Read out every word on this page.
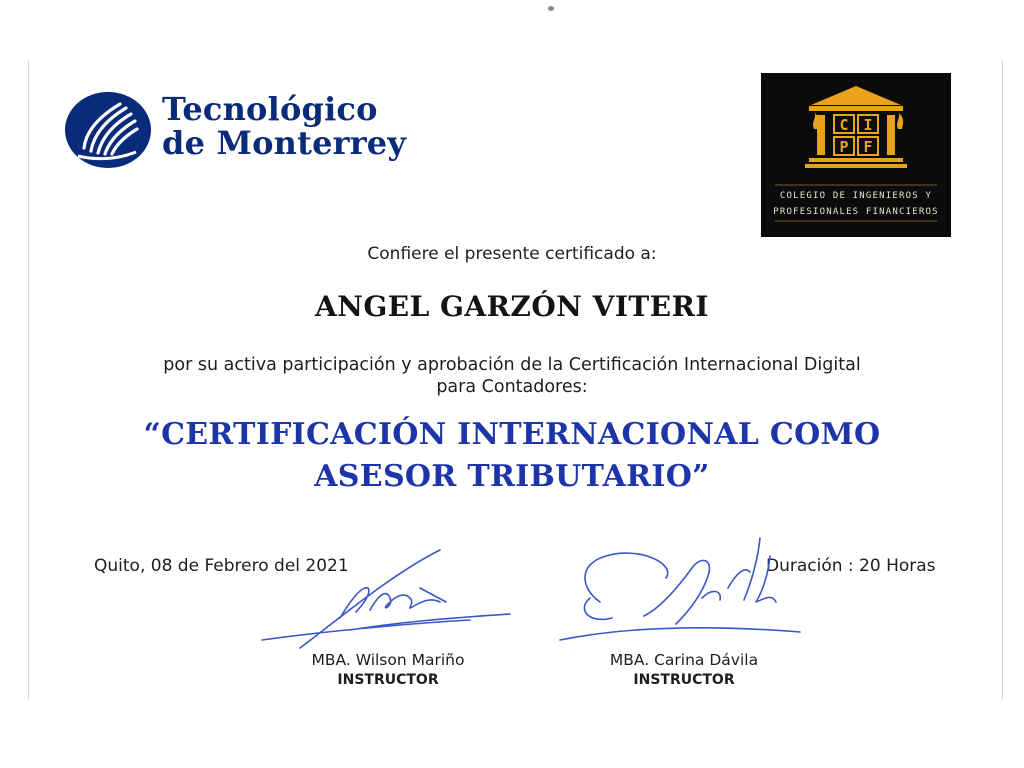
Tecnológico
de Monterrey	C I
P F
COLEGIO DE INGENIEROS Y
PROFESIONALES FINANCIEROS
Confiere el presente certificado a:
ANGEL GARZÓN VITERI
por su activa participación y aprobación de la Certificación Internacional Digital
para Contadores:
“CERTIFICACIÓN INTERNACIONAL COMO
ASESOR TRIBUTARIO”
Quito, 08 de Febrero del 2021	Duración : 20 Horas
MBA. Wilson Mariño
INSTRUCTOR
MBA. Carina Dávila
INSTRUCTOR
